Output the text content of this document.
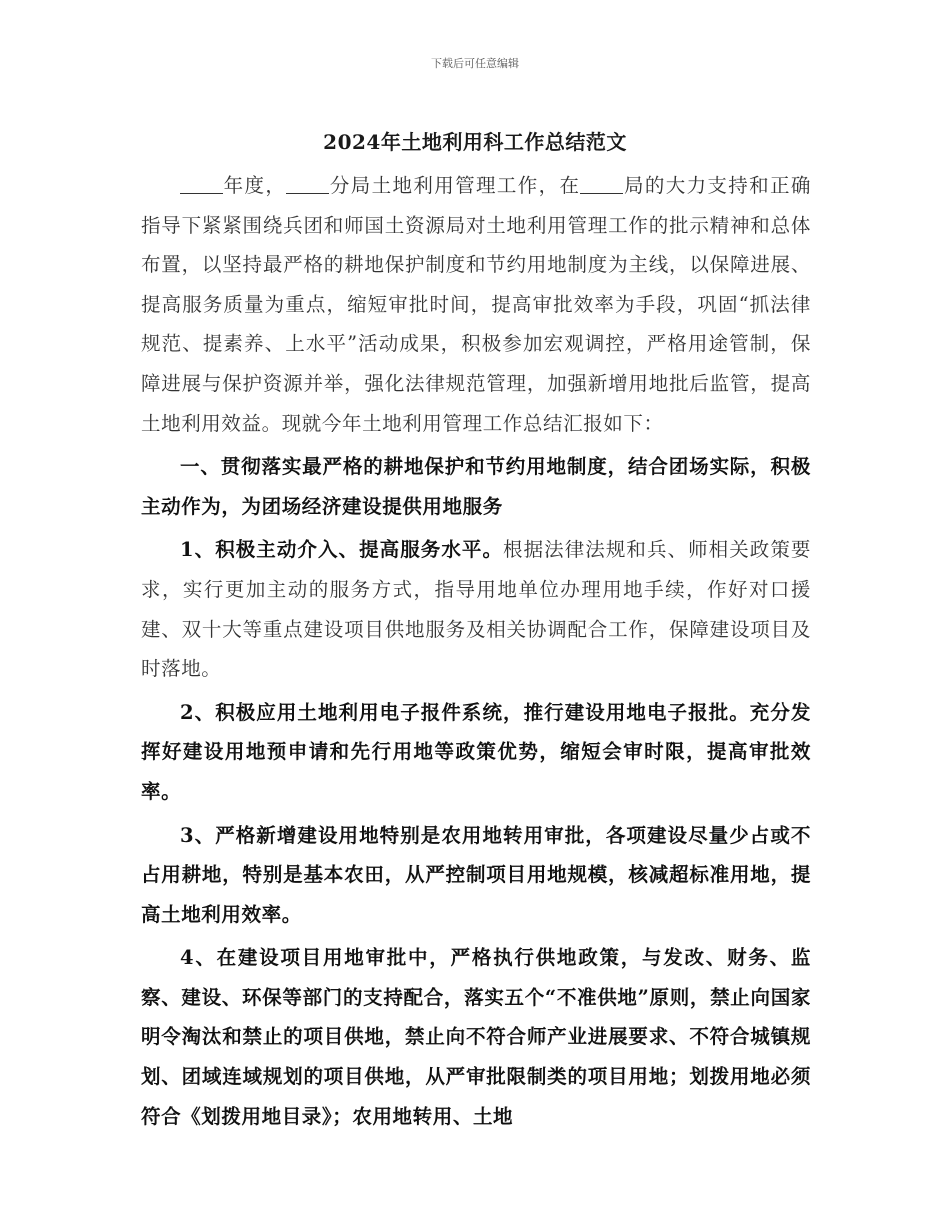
下载后可任意编辑
2024年土地利用科工作总结范文

年度， 分局土地利用管理工作，在 局的大力支持和正确指导下紧紧围绕兵团和师国土资源局对土地利用管理工作的批示精神和总体布置，以坚持最严格的耕地保护制度和节约用地制度为主线，以保障进展、提高服务质量为重点，缩短审批时间，提高审批效率为手段，巩固“抓法律规范、提素养、上水平”活动成果，积极参加宏观调控，严格用途管制，保障进展与保护资源并举，强化法律规范管理，加强新增用地批后监管，提高土地利用效益。现就今年土地利用管理工作总结汇报如下：

一、贯彻落实最严格的耕地保护和节约用地制度，结合团场实际，积极主动作为，为团场经济建设提供用地服务

1、积极主动介入、提高服务水平。根据法律法规和兵、师相关政策要求，实行更加主动的服务方式，指导用地单位办理用地手续，作好对口援建、双十大等重点建设项目供地服务及相关协调配合工作，保障建设项目及时落地。

2、积极应用土地利用电子报件系统，推行建设用地电子报批。充分发挥好建设用地预申请和先行用地等政策优势，缩短会审时限，提高审批效率。

3、严格新增建设用地特别是农用地转用审批，各项建设尽量少占或不占用耕地，特别是基本农田，从严控制项目用地规模，核减超标准用地，提高土地利用效率。

4、在建设项目用地审批中，严格执行供地政策，与发改、财务、监察、建设、环保等部门的支持配合，落实五个“不准供地”原则，禁止向国家明令淘汰和禁止的项目供地，禁止向不符合师产业进展要求、不符合城镇规划、团域连域规划的项目供地，从严审批限制类的项目用地；划拨用地必须符合《划拨用地目录》；农用地转用、土地
